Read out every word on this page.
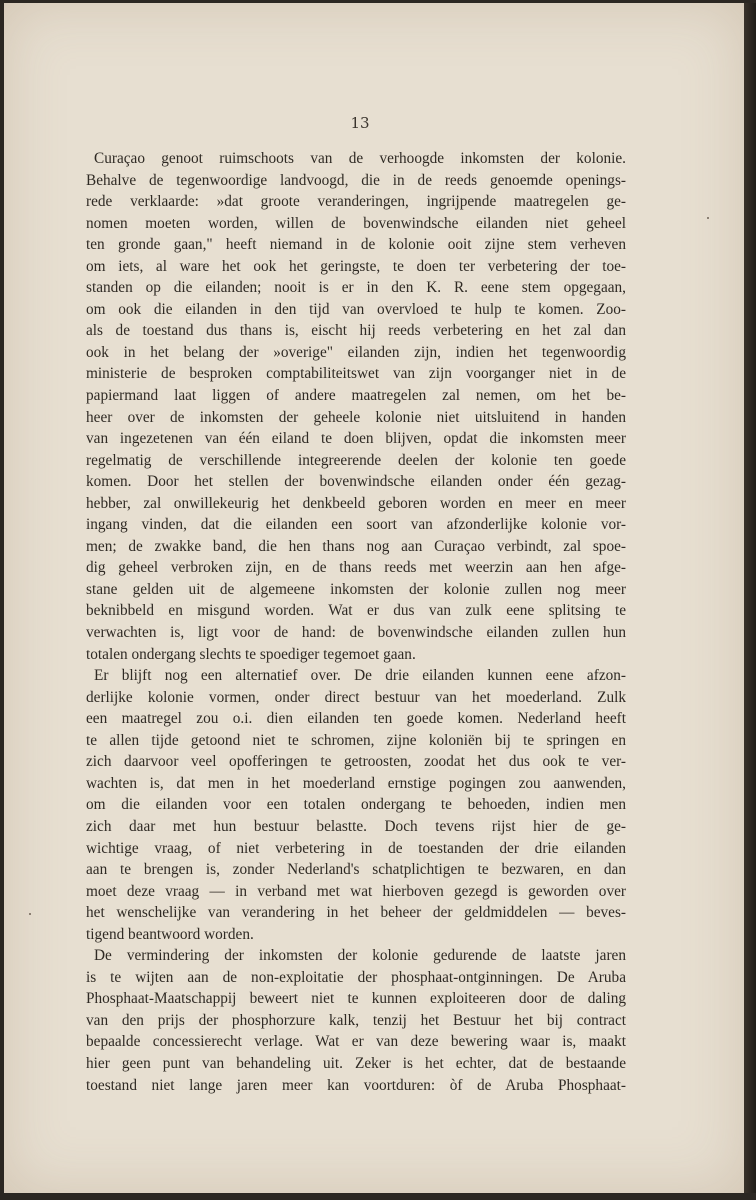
13
Curaçao genoot ruimschoots van de verhoogde inkomsten der kolonie.
Behalve de tegenwoordige landvoogd, die in de reeds genoemde openings-
rede verklaarde: »dat groote veranderingen, ingrijpende maatregelen ge-
nomen moeten worden, willen de bovenwindsche eilanden niet geheel
ten gronde gaan," heeft niemand in de kolonie ooit zijne stem verheven
om iets, al ware het ook het geringste, te doen ter verbetering der toe-
standen op die eilanden; nooit is er in den K. R. eene stem opgegaan,
om ook die eilanden in den tijd van overvloed te hulp te komen. Zoo-
als de toestand dus thans is, eischt hij reeds verbetering en het zal dan
ook in het belang der »overige" eilanden zijn, indien het tegenwoordig
ministerie de besproken comptabiliteitswet van zijn voorganger niet in de
papiermand laat liggen of andere maatregelen zal nemen, om het be-
heer over de inkomsten der geheele kolonie niet uitsluitend in handen
van ingezetenen van één eiland te doen blijven, opdat die inkomsten meer
regelmatig de verschillende integreerende deelen der kolonie ten goede
komen. Door het stellen der bovenwindsche eilanden onder één gezag-
hebber, zal onwillekeurig het denkbeeld geboren worden en meer en meer
ingang vinden, dat die eilanden een soort van afzonderlijke kolonie vor-
men; de zwakke band, die hen thans nog aan Curaçao verbindt, zal spoe-
dig geheel verbroken zijn, en de thans reeds met weerzin aan hen afge-
stane gelden uit de algemeene inkomsten der kolonie zullen nog meer
beknibbeld en misgund worden. Wat er dus van zulk eene splitsing te
verwachten is, ligt voor de hand: de bovenwindsche eilanden zullen hun
totalen ondergang slechts te spoediger tegemoet gaan.
Er blijft nog een alternatief over. De drie eilanden kunnen eene afzon-
derlijke kolonie vormen, onder direct bestuur van het moederland. Zulk
een maatregel zou o.i. dien eilanden ten goede komen. Nederland heeft
te allen tijde getoond niet te schromen, zijne koloniën bij te springen en
zich daarvoor veel opofferingen te getroosten, zoodat het dus ook te ver-
wachten is, dat men in het moederland ernstige pogingen zou aanwenden,
om die eilanden voor een totalen ondergang te behoeden, indien men
zich daar met hun bestuur belastte. Doch tevens rijst hier de ge-
wichtige vraag, of niet verbetering in de toestanden der drie eilanden
aan te brengen is, zonder Nederland's schatplichtigen te bezwaren, en dan
moet deze vraag — in verband met wat hierboven gezegd is geworden over
het wenschelijke van verandering in het beheer der geldmiddelen — beves-
tigend beantwoord worden.
De vermindering der inkomsten der kolonie gedurende de laatste jaren
is te wijten aan de non-exploitatie der phosphaat-ontginningen. De Aruba
Phosphaat-Maatschappij beweert niet te kunnen exploiteeren door de daling
van den prijs der phosphorzure kalk, tenzij het Bestuur het bij contract
bepaalde concessierecht verlage. Wat er van deze bewering waar is, maakt
hier geen punt van behandeling uit. Zeker is het echter, dat de bestaande
toestand niet lange jaren meer kan voortduren: òf de Aruba Phosphaat-
